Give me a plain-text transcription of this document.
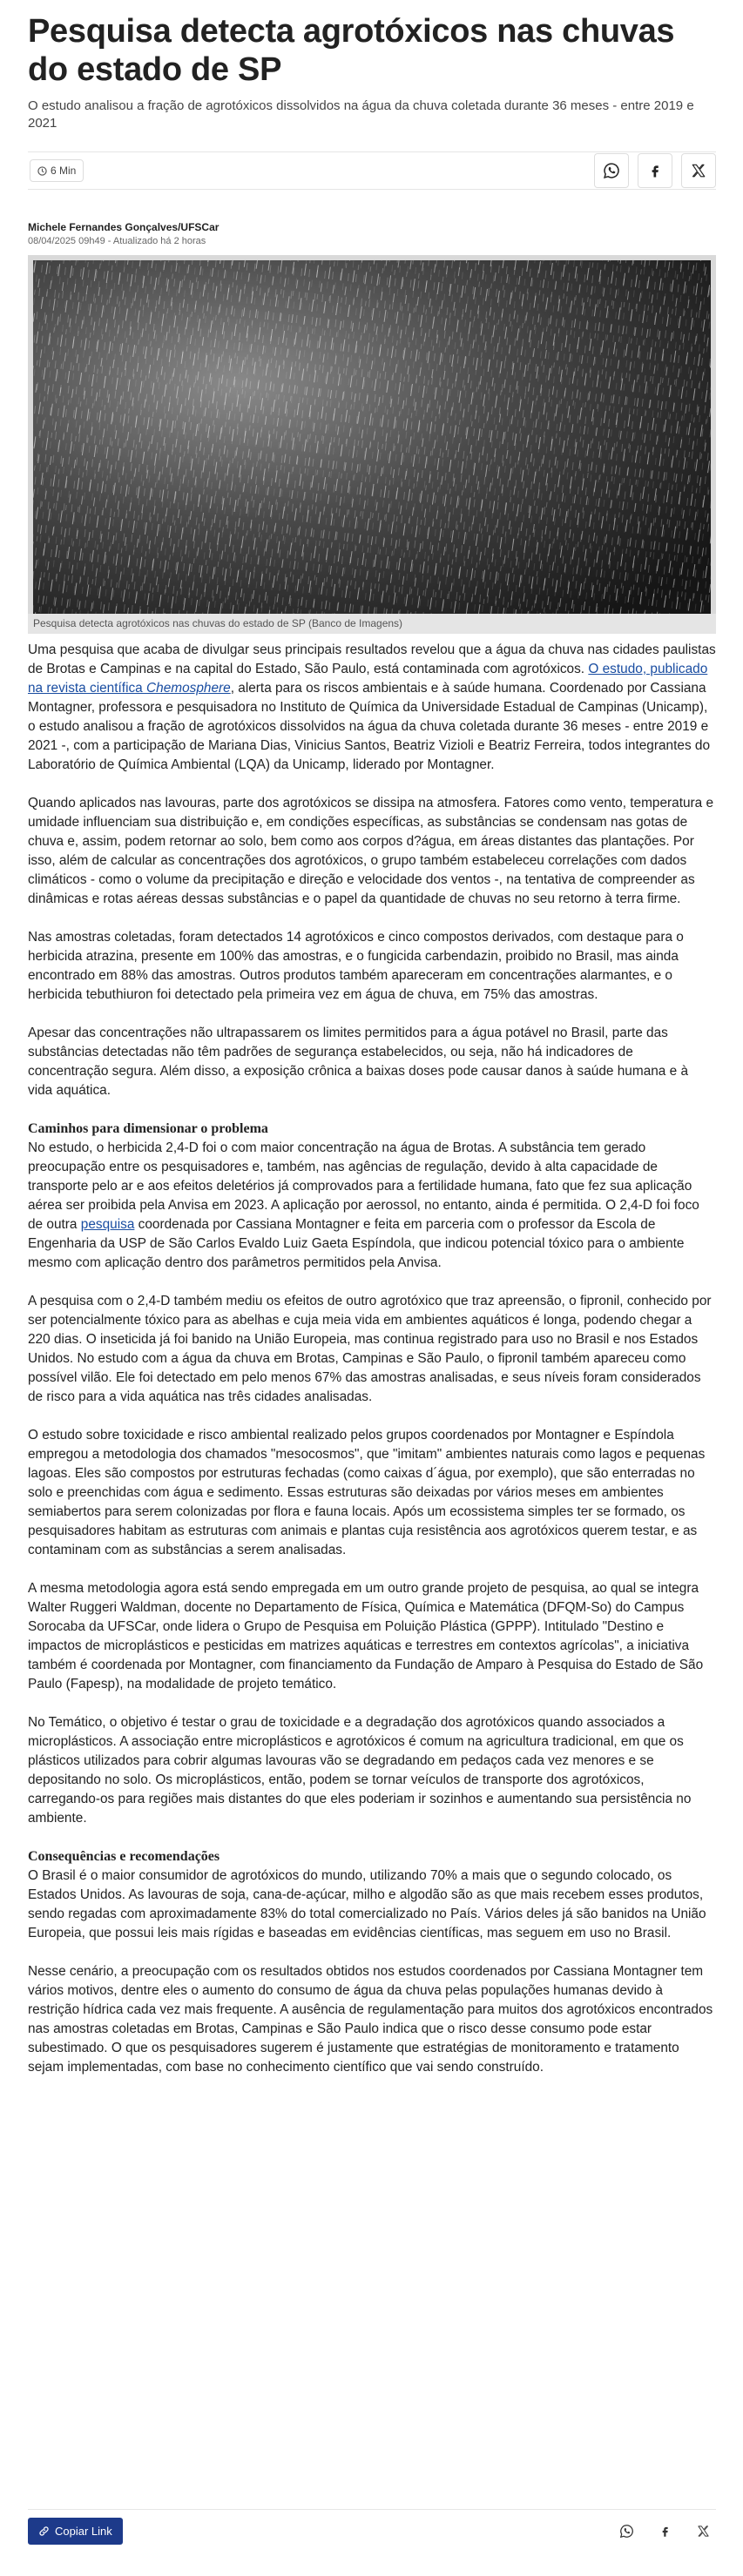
Pesquisa detecta agrotóxicos nas chuvas do estado de SP

O estudo analisou a fração de agrotóxicos dissolvidos na água da chuva coletada durante 36 meses - entre 2019 e 2021

6 Min
Michele Fernandes Gonçalves/UFSCar
08/04/2025 09h49 - Atualizado há 2 horas
Pesquisa detecta agrotóxicos nas chuvas do estado de SP (Banco de Imagens)

Uma pesquisa que acaba de divulgar seus principais resultados revelou que a água da chuva nas cidades paulistas de Brotas e Campinas e na capital do Estado, São Paulo, está contaminada com agrotóxicos. O estudo, publicado na revista científica Chemosphere, alerta para os riscos ambientais e à saúde humana. Coordenado por Cassiana Montagner, professora e pesquisadora no Instituto de Química da Universidade Estadual de Campinas (Unicamp), o estudo analisou a fração de agrotóxicos dissolvidos na água da chuva coletada durante 36 meses - entre 2019 e 2021 -, com a participação de Mariana Dias, Vinicius Santos, Beatriz Vizioli e Beatriz Ferreira, todos integrantes do Laboratório de Química Ambiental (LQA) da Unicamp, liderado por Montagner.

Quando aplicados nas lavouras, parte dos agrotóxicos se dissipa na atmosfera. Fatores como vento, temperatura e umidade influenciam sua distribuição e, em condições específicas, as substâncias se condensam nas gotas de chuva e, assim, podem retornar ao solo, bem como aos corpos d?água, em áreas distantes das plantações. Por isso, além de calcular as concentrações dos agrotóxicos, o grupo também estabeleceu correlações com dados climáticos - como o volume da precipitação e direção e velocidade dos ventos -, na tentativa de compreender as dinâmicas e rotas aéreas dessas substâncias e o papel da quantidade de chuvas no seu retorno à terra firme.

Nas amostras coletadas, foram detectados 14 agrotóxicos e cinco compostos derivados, com destaque para o herbicida atrazina, presente em 100% das amostras, e o fungicida carbendazin, proibido no Brasil, mas ainda encontrado em 88% das amostras. Outros produtos também apareceram em concentrações alarmantes, e o herbicida tebuthiuron foi detectado pela primeira vez em água de chuva, em 75% das amostras.

Apesar das concentrações não ultrapassarem os limites permitidos para a água potável no Brasil, parte das substâncias detectadas não têm padrões de segurança estabelecidos, ou seja, não há indicadores de concentração segura. Além disso, a exposição crônica a baixas doses pode causar danos à saúde humana e à vida aquática.

Caminhos para dimensionar o problema

No estudo, o herbicida 2,4-D foi o com maior concentração na água de Brotas. A substância tem gerado preocupação entre os pesquisadores e, também, nas agências de regulação, devido à alta capacidade de transporte pelo ar e aos efeitos deletérios já comprovados para a fertilidade humana, fato que fez sua aplicação aérea ser proibida pela Anvisa em 2023. A aplicação por aerossol, no entanto, ainda é permitida. O 2,4-D foi foco de outra pesquisa coordenada por Cassiana Montagner e feita em parceria com o professor da Escola de Engenharia da USP de São Carlos Evaldo Luiz Gaeta Espíndola, que indicou potencial tóxico para o ambiente mesmo com aplicação dentro dos parâmetros permitidos pela Anvisa.

A pesquisa com o 2,4-D também mediu os efeitos de outro agrotóxico que traz apreensão, o fipronil, conhecido por ser potencialmente tóxico para as abelhas e cuja meia vida em ambientes aquáticos é longa, podendo chegar a 220 dias. O inseticida já foi banido na União Europeia, mas continua registrado para uso no Brasil e nos Estados Unidos. No estudo com a água da chuva em Brotas, Campinas e São Paulo, o fipronil também apareceu como possível vilão. Ele foi detectado em pelo menos 67% das amostras analisadas, e seus níveis foram considerados de risco para a vida aquática nas três cidades analisadas.

O estudo sobre toxicidade e risco ambiental realizado pelos grupos coordenados por Montagner e Espíndola empregou a metodologia dos chamados "mesocosmos", que "imitam" ambientes naturais como lagos e pequenas lagoas. Eles são compostos por estruturas fechadas (como caixas d´água, por exemplo), que são enterradas no solo e preenchidas com água e sedimento. Essas estruturas são deixadas por vários meses em ambientes semiabertos para serem colonizadas por flora e fauna locais. Após um ecossistema simples ter se formado, os pesquisadores habitam as estruturas com animais e plantas cuja resistência aos agrotóxicos querem testar, e as contaminam com as substâncias a serem analisadas.

A mesma metodologia agora está sendo empregada em um outro grande projeto de pesquisa, ao qual se integra Walter Ruggeri Waldman, docente no Departamento de Física, Química e Matemática (DFQM-So) do Campus Sorocaba da UFSCar, onde lidera o Grupo de Pesquisa em Poluição Plástica (GPPP). Intitulado "Destino e impactos de microplásticos e pesticidas em matrizes aquáticas e terrestres em contextos agrícolas", a iniciativa também é coordenada por Montagner, com financiamento da Fundação de Amparo à Pesquisa do Estado de São Paulo (Fapesp), na modalidade de projeto temático.

No Temático, o objetivo é testar o grau de toxicidade e a degradação dos agrotóxicos quando associados a microplásticos. A associação entre microplásticos e agrotóxicos é comum na agricultura tradicional, em que os plásticos utilizados para cobrir algumas lavouras vão se degradando em pedaços cada vez menores e se depositando no solo. Os microplásticos, então, podem se tornar veículos de transporte dos agrotóxicos, carregando-os para regiões mais distantes do que eles poderiam ir sozinhos e aumentando sua persistência no ambiente.

Consequências e recomendações

O Brasil é o maior consumidor de agrotóxicos do mundo, utilizando 70% a mais que o segundo colocado, os Estados Unidos. As lavouras de soja, cana-de-açúcar, milho e algodão são as que mais recebem esses produtos, sendo regadas com aproximadamente 83% do total comercializado no País. Vários deles já são banidos na União Europeia, que possui leis mais rígidas e baseadas em evidências científicas, mas seguem em uso no Brasil.

Nesse cenário, a preocupação com os resultados obtidos nos estudos coordenados por Cassiana Montagner tem vários motivos, dentre eles o aumento do consumo de água da chuva pelas populações humanas devido à restrição hídrica cada vez mais frequente. A ausência de regulamentação para muitos dos agrotóxicos encontrados nas amostras coletadas em Brotas, Campinas e São Paulo indica que o risco desse consumo pode estar subestimado. O que os pesquisadores sugerem é justamente que estratégias de monitoramento e tratamento sejam implementadas, com base no conhecimento científico que vai sendo construído.

Copiar Link
